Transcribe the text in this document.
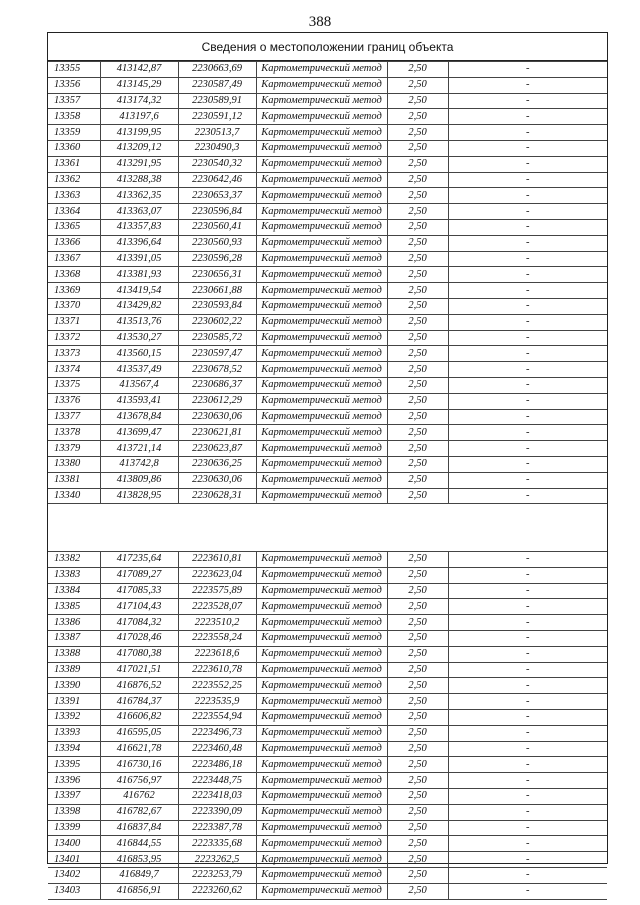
388
Сведения о местоположении границ объекта
13355	413142,87	2230663,69	Картометрический метод	2,50	-
13356	413145,29	2230587,49	Картометрический метод	2,50	-
13357	413174,32	2230589,91	Картометрический метод	2,50	-
13358	413197,6	2230591,12	Картометрический метод	2,50	-
13359	413199,95	2230513,7	Картометрический метод	2,50	-
13360	413209,12	2230490,3	Картометрический метод	2,50	-
13361	413291,95	2230540,32	Картометрический метод	2,50	-
13362	413288,38	2230642,46	Картометрический метод	2,50	-
13363	413362,35	2230653,37	Картометрический метод	2,50	-
13364	413363,07	2230596,84	Картометрический метод	2,50	-
13365	413357,83	2230560,41	Картометрический метод	2,50	-
13366	413396,64	2230560,93	Картометрический метод	2,50	-
13367	413391,05	2230596,28	Картометрический метод	2,50	-
13368	413381,93	2230656,31	Картометрический метод	2,50	-
13369	413419,54	2230661,88	Картометрический метод	2,50	-
13370	413429,82	2230593,84	Картометрический метод	2,50	-
13371	413513,76	2230602,22	Картометрический метод	2,50	-
13372	413530,27	2230585,72	Картометрический метод	2,50	-
13373	413560,15	2230597,47	Картометрический метод	2,50	-
13374	413537,49	2230678,52	Картометрический метод	2,50	-
13375	413567,4	2230686,37	Картометрический метод	2,50	-
13376	413593,41	2230612,29	Картометрический метод	2,50	-
13377	413678,84	2230630,06	Картометрический метод	2,50	-
13378	413699,47	2230621,81	Картометрический метод	2,50	-
13379	413721,14	2230623,87	Картометрический метод	2,50	-
13380	413742,8	2230636,25	Картометрический метод	2,50	-
13381	413809,86	2230630,06	Картометрический метод	2,50	-
13340	413828,95	2230628,31	Картометрический метод	2,50	-
13382	417235,64	2223610,81	Картометрический метод	2,50	-
13383	417089,27	2223623,04	Картометрический метод	2,50	-
13384	417085,33	2223575,89	Картометрический метод	2,50	-
13385	417104,43	2223528,07	Картометрический метод	2,50	-
13386	417084,32	2223510,2	Картометрический метод	2,50	-
13387	417028,46	2223558,24	Картометрический метод	2,50	-
13388	417080,38	2223618,6	Картометрический метод	2,50	-
13389	417021,51	2223610,78	Картометрический метод	2,50	-
13390	416876,52	2223552,25	Картометрический метод	2,50	-
13391	416784,37	2223535,9	Картометрический метод	2,50	-
13392	416606,82	2223554,94	Картометрический метод	2,50	-
13393	416595,05	2223496,73	Картометрический метод	2,50	-
13394	416621,78	2223460,48	Картометрический метод	2,50	-
13395	416730,16	2223486,18	Картометрический метод	2,50	-
13396	416756,97	2223448,75	Картометрический метод	2,50	-
13397	416762	2223418,03	Картометрический метод	2,50	-
13398	416782,67	2223390,09	Картометрический метод	2,50	-
13399	416837,84	2223387,78	Картометрический метод	2,50	-
13400	416844,55	2223335,68	Картометрический метод	2,50	-
13401	416853,95	2223262,5	Картометрический метод	2,50	-
13402	416849,7	2223253,79	Картометрический метод	2,50	-
13403	416856,91	2223260,62	Картометрический метод	2,50	-
